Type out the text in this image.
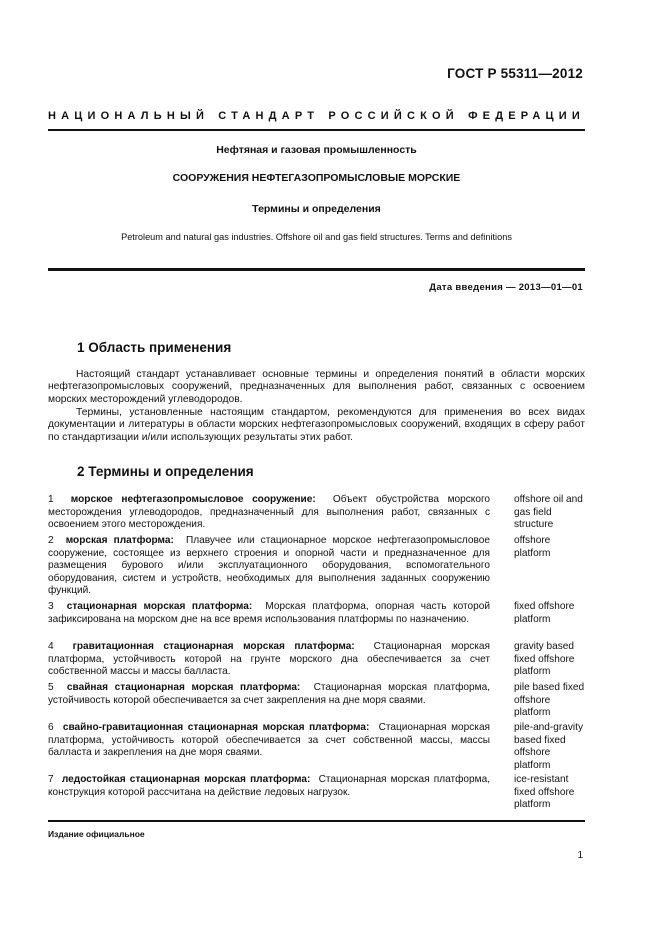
ГОСТ Р 55311—2012
НАЦИОНАЛЬНЫЙ СТАНДАРТ РОССИЙСКОЙ ФЕДЕРАЦИИ
Нефтяная и газовая промышленность
СООРУЖЕНИЯ НЕФТЕГАЗОПРОМЫСЛОВЫЕ МОРСКИЕ
Термины и определения
Petroleum and natural gas industries. Offshore oil and gas field structures. Terms and definitions
Дата введения — 2013—01—01
1 Область применения
Настоящий стандарт устанавливает основные термины и определения понятий в области морских нефтегазопромысловых сооружений, предназначенных для выполнения работ, связанных с освоением морских месторождений углеводородов.
Термины, установленные настоящим стандартом, рекомендуются для применения во всех видах документации и литературы в области морских нефтегазопромысловых сооружений, входящих в сферу работ по стандартизации и/или использующих результаты этих работ.
2 Термины и определения
1 морское нефтегазопромысловое сооружение: Объект обустройства морского месторождения углеводородов, предназначенный для выполнения работ, связанных с освоением этого месторождения.
offshore oil and gas field structure
2 морская платформа: Плавучее или стационарное морское нефтегазопромысловое сооружение, состоящее из верхнего строения и опорной части и предназначенное для размещения бурового и/или эксплуатационного оборудования, вспомогательного оборудования, систем и устройств, необходимых для выполнения заданных сооружению функций.
offshore platform
3 стационарная морская платформа: Морская платформа, опорная часть которой зафиксирована на морском дне на все время использования платформы по назначению.
fixed offshore platform
4 гравитационная стационарная морская платформа: Стационарная морская платформа, устойчивость которой на грунте морского дна обеспечивается за счет собственной массы и массы балласта.
gravity based fixed offshore platform
5 свайная стационарная морская платформа: Стационарная морская платформа, устойчивость которой обеспечивается за счет закрепления на дне моря сваями.
pile based fixed offshore platform
6 свайно-гравитационная стационарная морская платформа: Стационарная морская платформа, устойчивость которой обеспечивается за счет собственной массы, массы балласта и закрепления на дне моря сваями.
pile-and-gravity based fixed offshore platform
7 ледостойкая стационарная морская платформа: Стационарная морская платформа, конструкция которой рассчитана на действие ледовых нагрузок.
ice-resistant fixed offshore platform
Издание официальное
1
